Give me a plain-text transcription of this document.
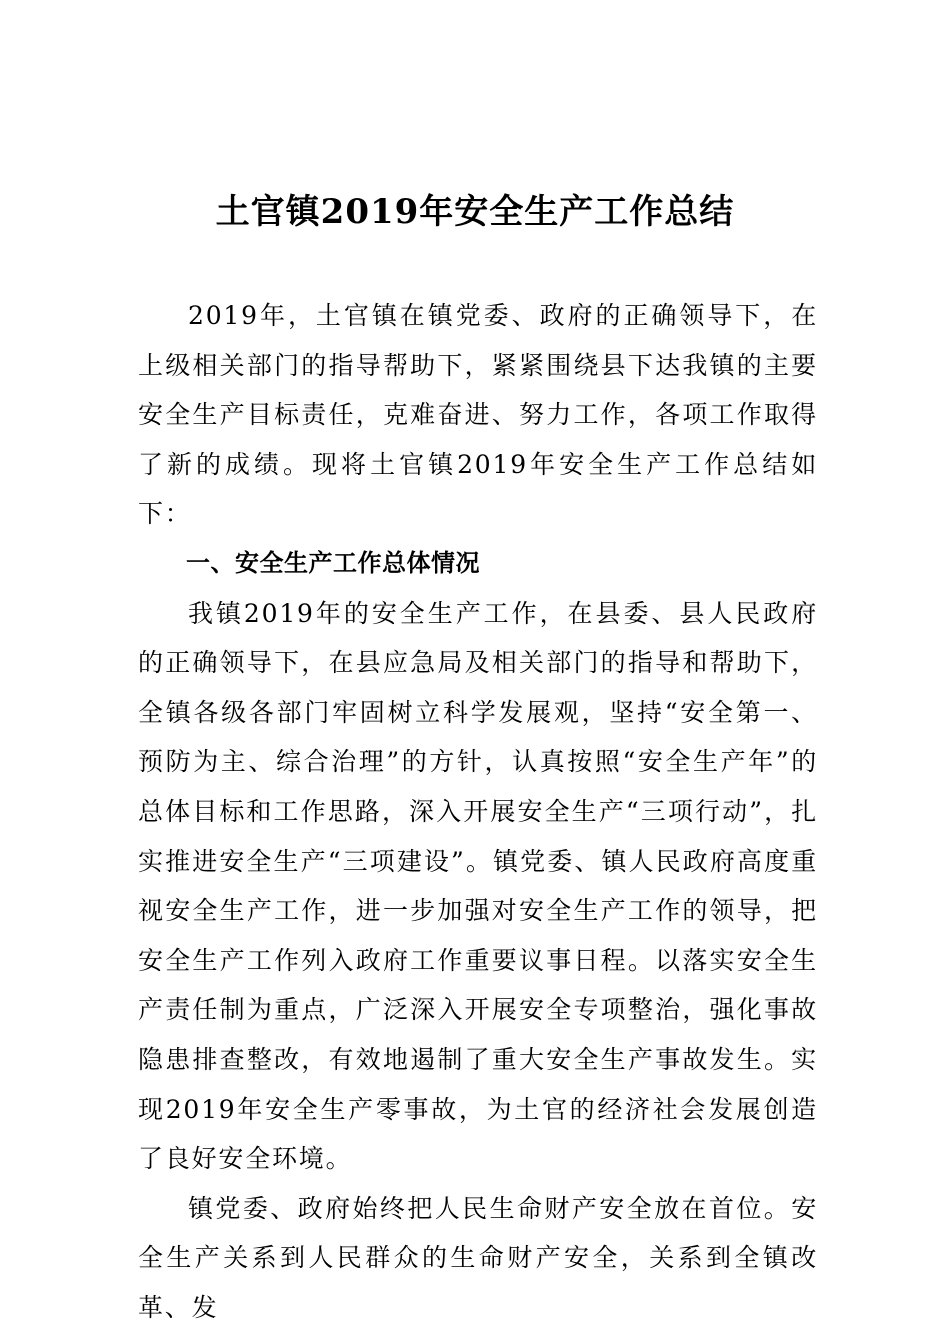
土官镇2019年安全生产工作总结

2019年，土官镇在镇党委、政府的正确领导下，在上级相关部门的指导帮助下，紧紧围绕县下达我镇的主要安全生产目标责任，克难奋进、努力工作，各项工作取得了新的成绩。现将土官镇2019年安全生产工作总结如下：

一、安全生产工作总体情况

我镇2019年的安全生产工作，在县委、县人民政府的正确领导下，在县应急局及相关部门的指导和帮助下，全镇各级各部门牢固树立科学发展观，坚持“安全第一、预防为主、综合治理”的方针，认真按照“安全生产年”的总体目标和工作思路，深入开展安全生产“三项行动”，扎实推进安全生产“三项建设”。镇党委、镇人民政府高度重视安全生产工作，进一步加强对安全生产工作的领导，把安全生产工作列入政府工作重要议事日程。以落实安全生产责任制为重点，广泛深入开展安全专项整治，强化事故隐患排查整改，有效地遏制了重大安全生产事故发生。实现2019年安全生产零事故，为土官的经济社会发展创造了良好安全环境。

镇党委、政府始终把人民生命财产安全放在首位。安全生产关系到人民群众的生命财产安全，关系到全镇改革、发
